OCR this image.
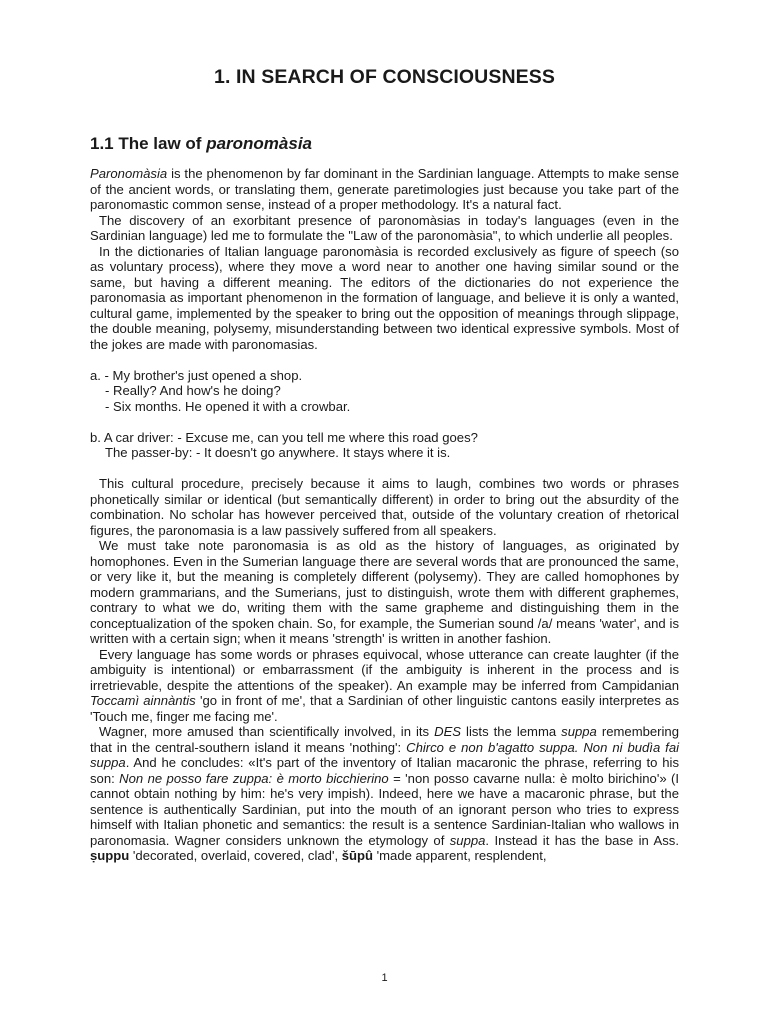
1. IN SEARCH OF CONSCIOUSNESS
1.1 The law of paronomàsia

Paronomàsia is the phenomenon by far dominant in the Sardinian language. Attempts to make sense of the ancient words, or translating them, generate paretimologies just because you take part of the paronomastic common sense, instead of a proper methodology. It's a natural fact.

The discovery of an exorbitant presence of paronomàsias in today's languages (even in the Sardinian language) led me to formulate the "Law of the paronomàsia", to which underlie all peoples.

In the dictionaries of Italian language paronomàsia is recorded exclusively as figure of speech (so as voluntary process), where they move a word near to another one having similar sound or the same, but having a different meaning. The editors of the dictionaries do not experience the paronomasia as important phenomenon in the formation of language, and believe it is only a wanted, cultural game, implemented by the speaker to bring out the opposition of meanings through slippage, the double meaning, polysemy, misunderstanding between two identical expressive symbols. Most of the jokes are made with paronomasias.

a. - My brother's just opened a shop.
- Really? And how's he doing?
- Six months. He opened it with a crowbar.
b. A car driver: - Excuse me, can you tell me where this road goes?
The passer-by: - It doesn't go anywhere. It stays where it is.

This cultural procedure, precisely because it aims to laugh, combines two words or phrases phonetically similar or identical (but semantically different) in order to bring out the absurdity of the combination. No scholar has however perceived that, outside of the voluntary creation of rhetorical figures, the paronomasia is a law passively suffered from all speakers.

We must take note paronomasia is as old as the history of languages, as originated by homophones. Even in the Sumerian language there are several words that are pronounced the same, or very like it, but the meaning is completely different (polysemy). They are called homophones by modern grammarians, and the Sumerians, just to distinguish, wrote them with different graphemes, contrary to what we do, writing them with the same grapheme and distinguishing them in the conceptualization of the spoken chain. So, for example, the Sumerian sound /a/ means 'water', and is written with a certain sign; when it means 'strength' is written in another fashion.

Every language has some words or phrases equivocal, whose utterance can create laughter (if the ambiguity is intentional) or embarrassment (if the ambiguity is inherent in the process and is irretrievable, despite the attentions of the speaker). An example may be inferred from Campidanian Toccamì ainnàntis 'go in front of me', that a Sardinian of other linguistic cantons easily interpretes as 'Touch me, finger me facing me'.

Wagner, more amused than scientifically involved, in its DES lists the lemma suppa remembering that in the central-southern island it means 'nothing': Chirco e non b'agatto suppa. Non ni budìa fai suppa. And he concludes: «It's part of the inventory of Italian macaronic the phrase, referring to his son: Non ne posso fare zuppa: è morto bicchierino = 'non posso cavarne nulla: è molto birichino'» (I cannot obtain nothing by him: he's very impish). Indeed, here we have a macaronic phrase, but the sentence is authentically Sardinian, put into the mouth of an ignorant person who tries to express himself with Italian phonetic and semantics: the result is a sentence Sardinian-Italian who wallows in paronomasia. Wagner considers unknown the etymology of suppa. Instead it has the base in Ass. ṣuppu 'decorated, overlaid, covered, clad', šūpû 'made apparent, resplendent,

1
